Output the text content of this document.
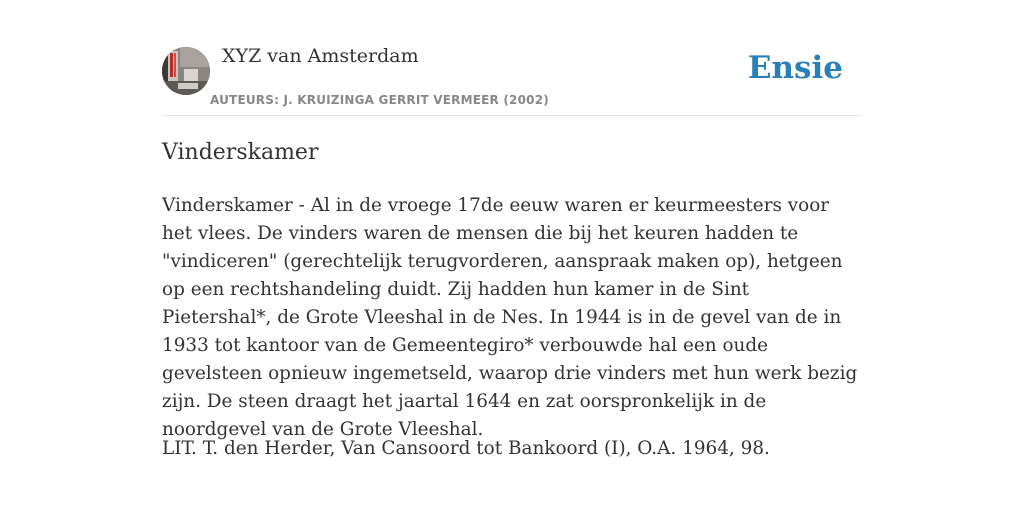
XYZ van Amsterdam
AUTEURS: J. KRUIZINGA GERRIT VERMEER (2002)
Ensie
Vinderskamer

Vinderskamer - Al in de vroege 17de eeuw waren er keurmeesters voor het vlees. De vinders waren de mensen die bij het keuren hadden te "vindiceren" (gerechtelijk terugvorderen, aanspraak maken op), hetgeen op een rechtshandeling duidt. Zij hadden hun kamer in de Sint Pietershal*, de Grote Vleeshal in de Nes. In 1944 is in de gevel van de in 1933 tot kantoor van de Gemeentegiro* verbouwde hal een oude gevelsteen opnieuw ingemetseld, waarop drie vinders met hun werk bezig zijn. De steen draagt het jaartal 1644 en zat oorspronkelijk in de noordgevel van de Grote Vleeshal.

LIT. T. den Herder, Van Cansoord tot Bankoord (I), O.A. 1964, 98.
